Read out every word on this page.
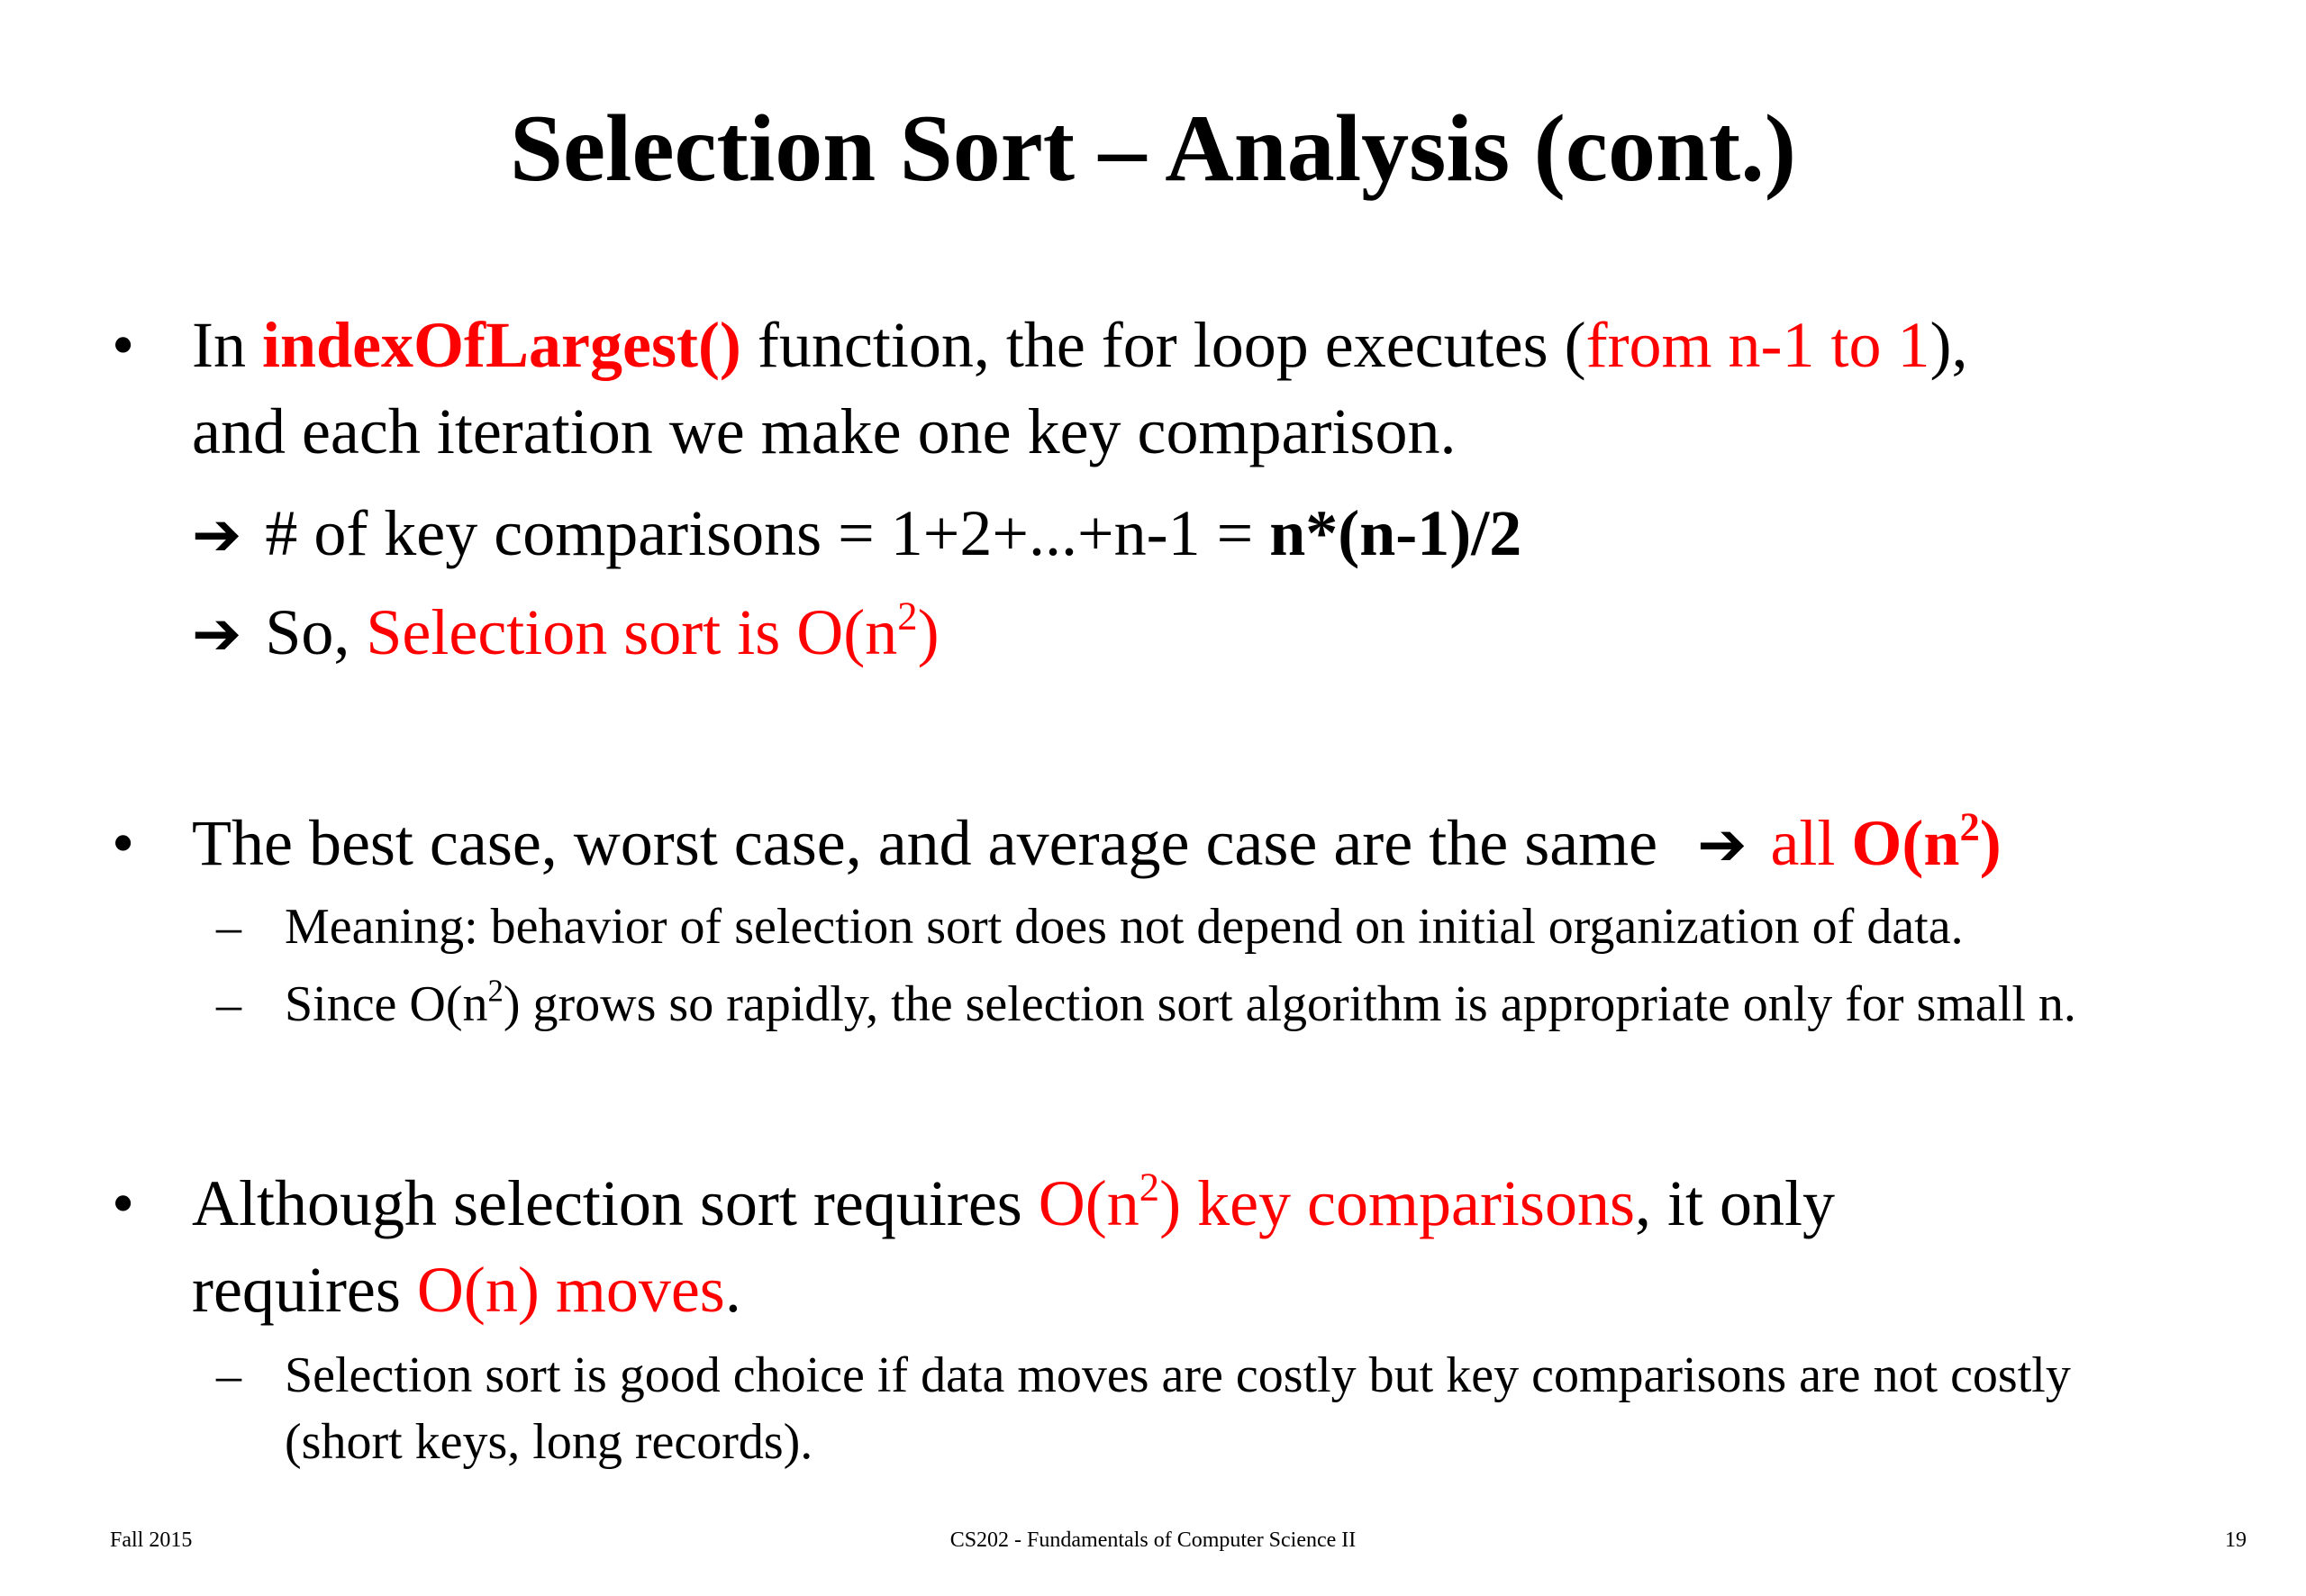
Selection Sort – Analysis (cont.)
• In indexOfLargest() function, the for loop executes (from n-1 to 1),
and each iteration we make one key comparison.
➔ # of key comparisons = 1+2+...+n-1 = n*(n-1)/2
➔ So, Selection sort is $O(n^2)$
• The best case, worst case, and average case are the same ➔ all $O(n^2)$
– Meaning: behavior of selection sort does not depend on initial organization of data.
– Since $O(n^2)$ grows so rapidly, the selection sort algorithm is appropriate only for small n.
• Although selection sort requires $O(n^2)$ key comparisons, it only
requires O(n) moves.
– Selection sort is good choice if data moves are costly but key comparisons are not costly
(short keys, long records).
Fall 2015	CS202 - Fundamentals of Computer Science II	19
